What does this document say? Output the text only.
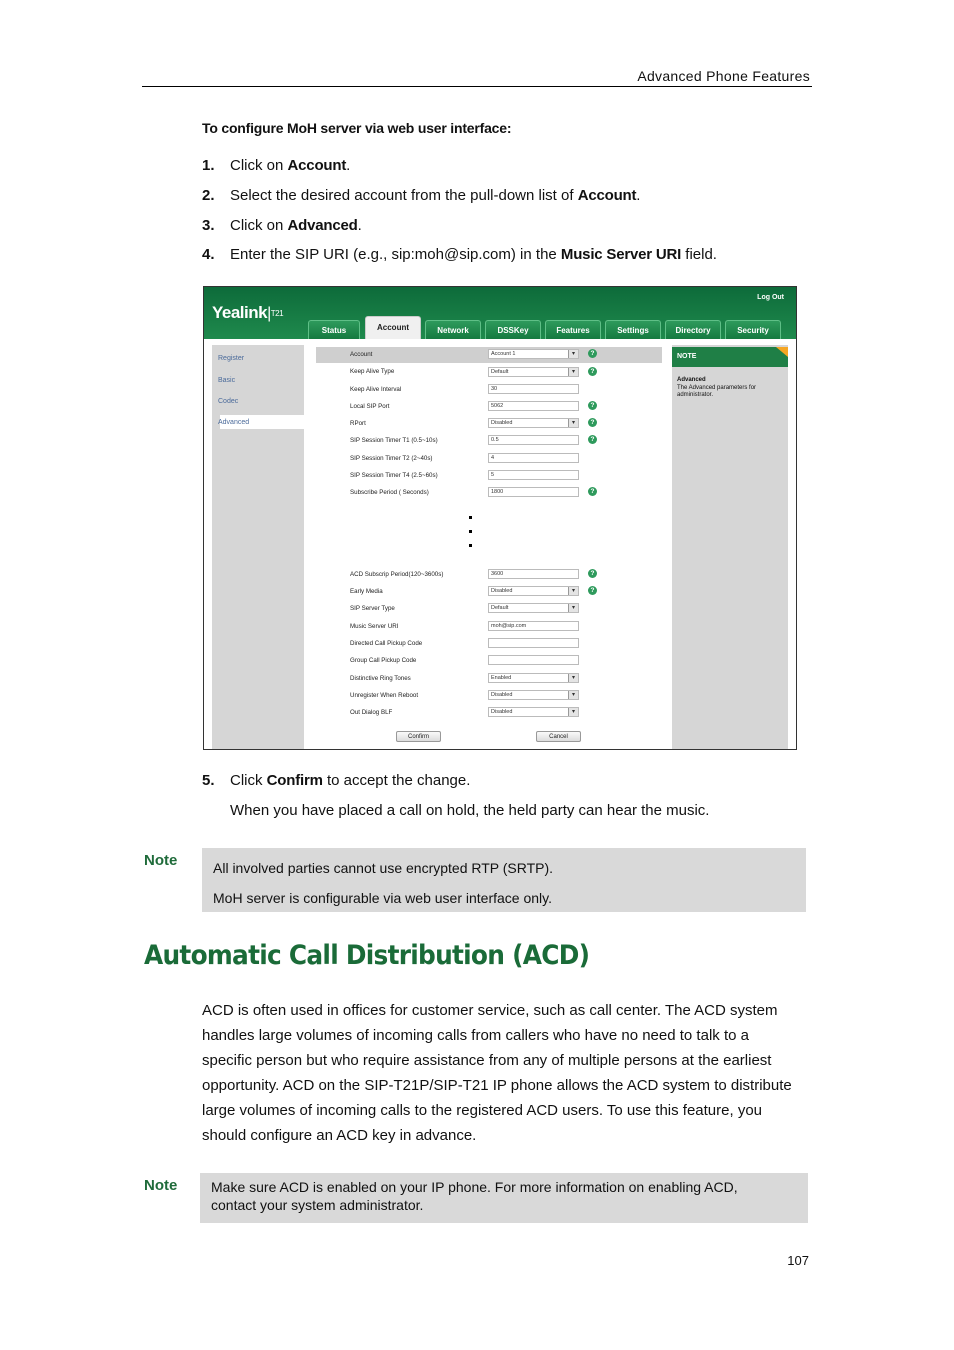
Advanced Phone Features
To configure MoH server via web user interface:
1. Click on Account.
2. Select the desired account from the pull-down list of Account.
3. Click on Advanced.
4. Enter the SIP URI (e.g., sip:moh@sip.com) in the Music Server URI field.
Yealink|T21
Log Out
Status	Account	Network	DSSKey	Features	Settings	Directory	Security
Register
Basic
Codec
Advanced
Account	Account 1 ▾	?
Keep Alive Type	Default ▾	?
Keep Alive Interval	30
Local SIP Port	5062	?
RPort	Disabled ▾	?
SIP Session Timer T1 (0.5~10s)	0.5	?
SIP Session Timer T2 (2~40s)	4
SIP Session Timer T4 (2.5~60s)	5
Subscribe Period ( Seconds)	1800	?
ACD Subscrip Period(120~3600s)	3600	?
Early Media	Disabled ▾	?
SIP Server Type	Default ▾
Music Server URI	moh@sip.com
Directed Call Pickup Code
Group Call Pickup Code
Distinctive Ring Tones	Enabled ▾
Unregister When Reboot	Disabled ▾
Out Dialog BLF	Disabled ▾
Confirm	Cancel
NOTE
Advanced
The Advanced parameters for administrator.
5. Click Confirm to accept the change.
When you have placed a call on hold, the held party can hear the music.
Note	All involved parties cannot use encrypted RTP (SRTP).
MoH server is configurable via web user interface only.
Automatic Call Distribution (ACD)
ACD is often used in offices for customer service, such as call center. The ACD system
handles large volumes of incoming calls from callers who have no need to talk to a
specific person but who require assistance from any of multiple persons at the earliest
opportunity. ACD on the SIP-T21P/SIP-T21 IP phone allows the ACD system to distribute
large volumes of incoming calls to the registered ACD users. To use this feature, you
should configure an ACD key in advance.
Note Make sure ACD is enabled on your IP phone. For more information on enabling ACD,
contact your system administrator.
107
